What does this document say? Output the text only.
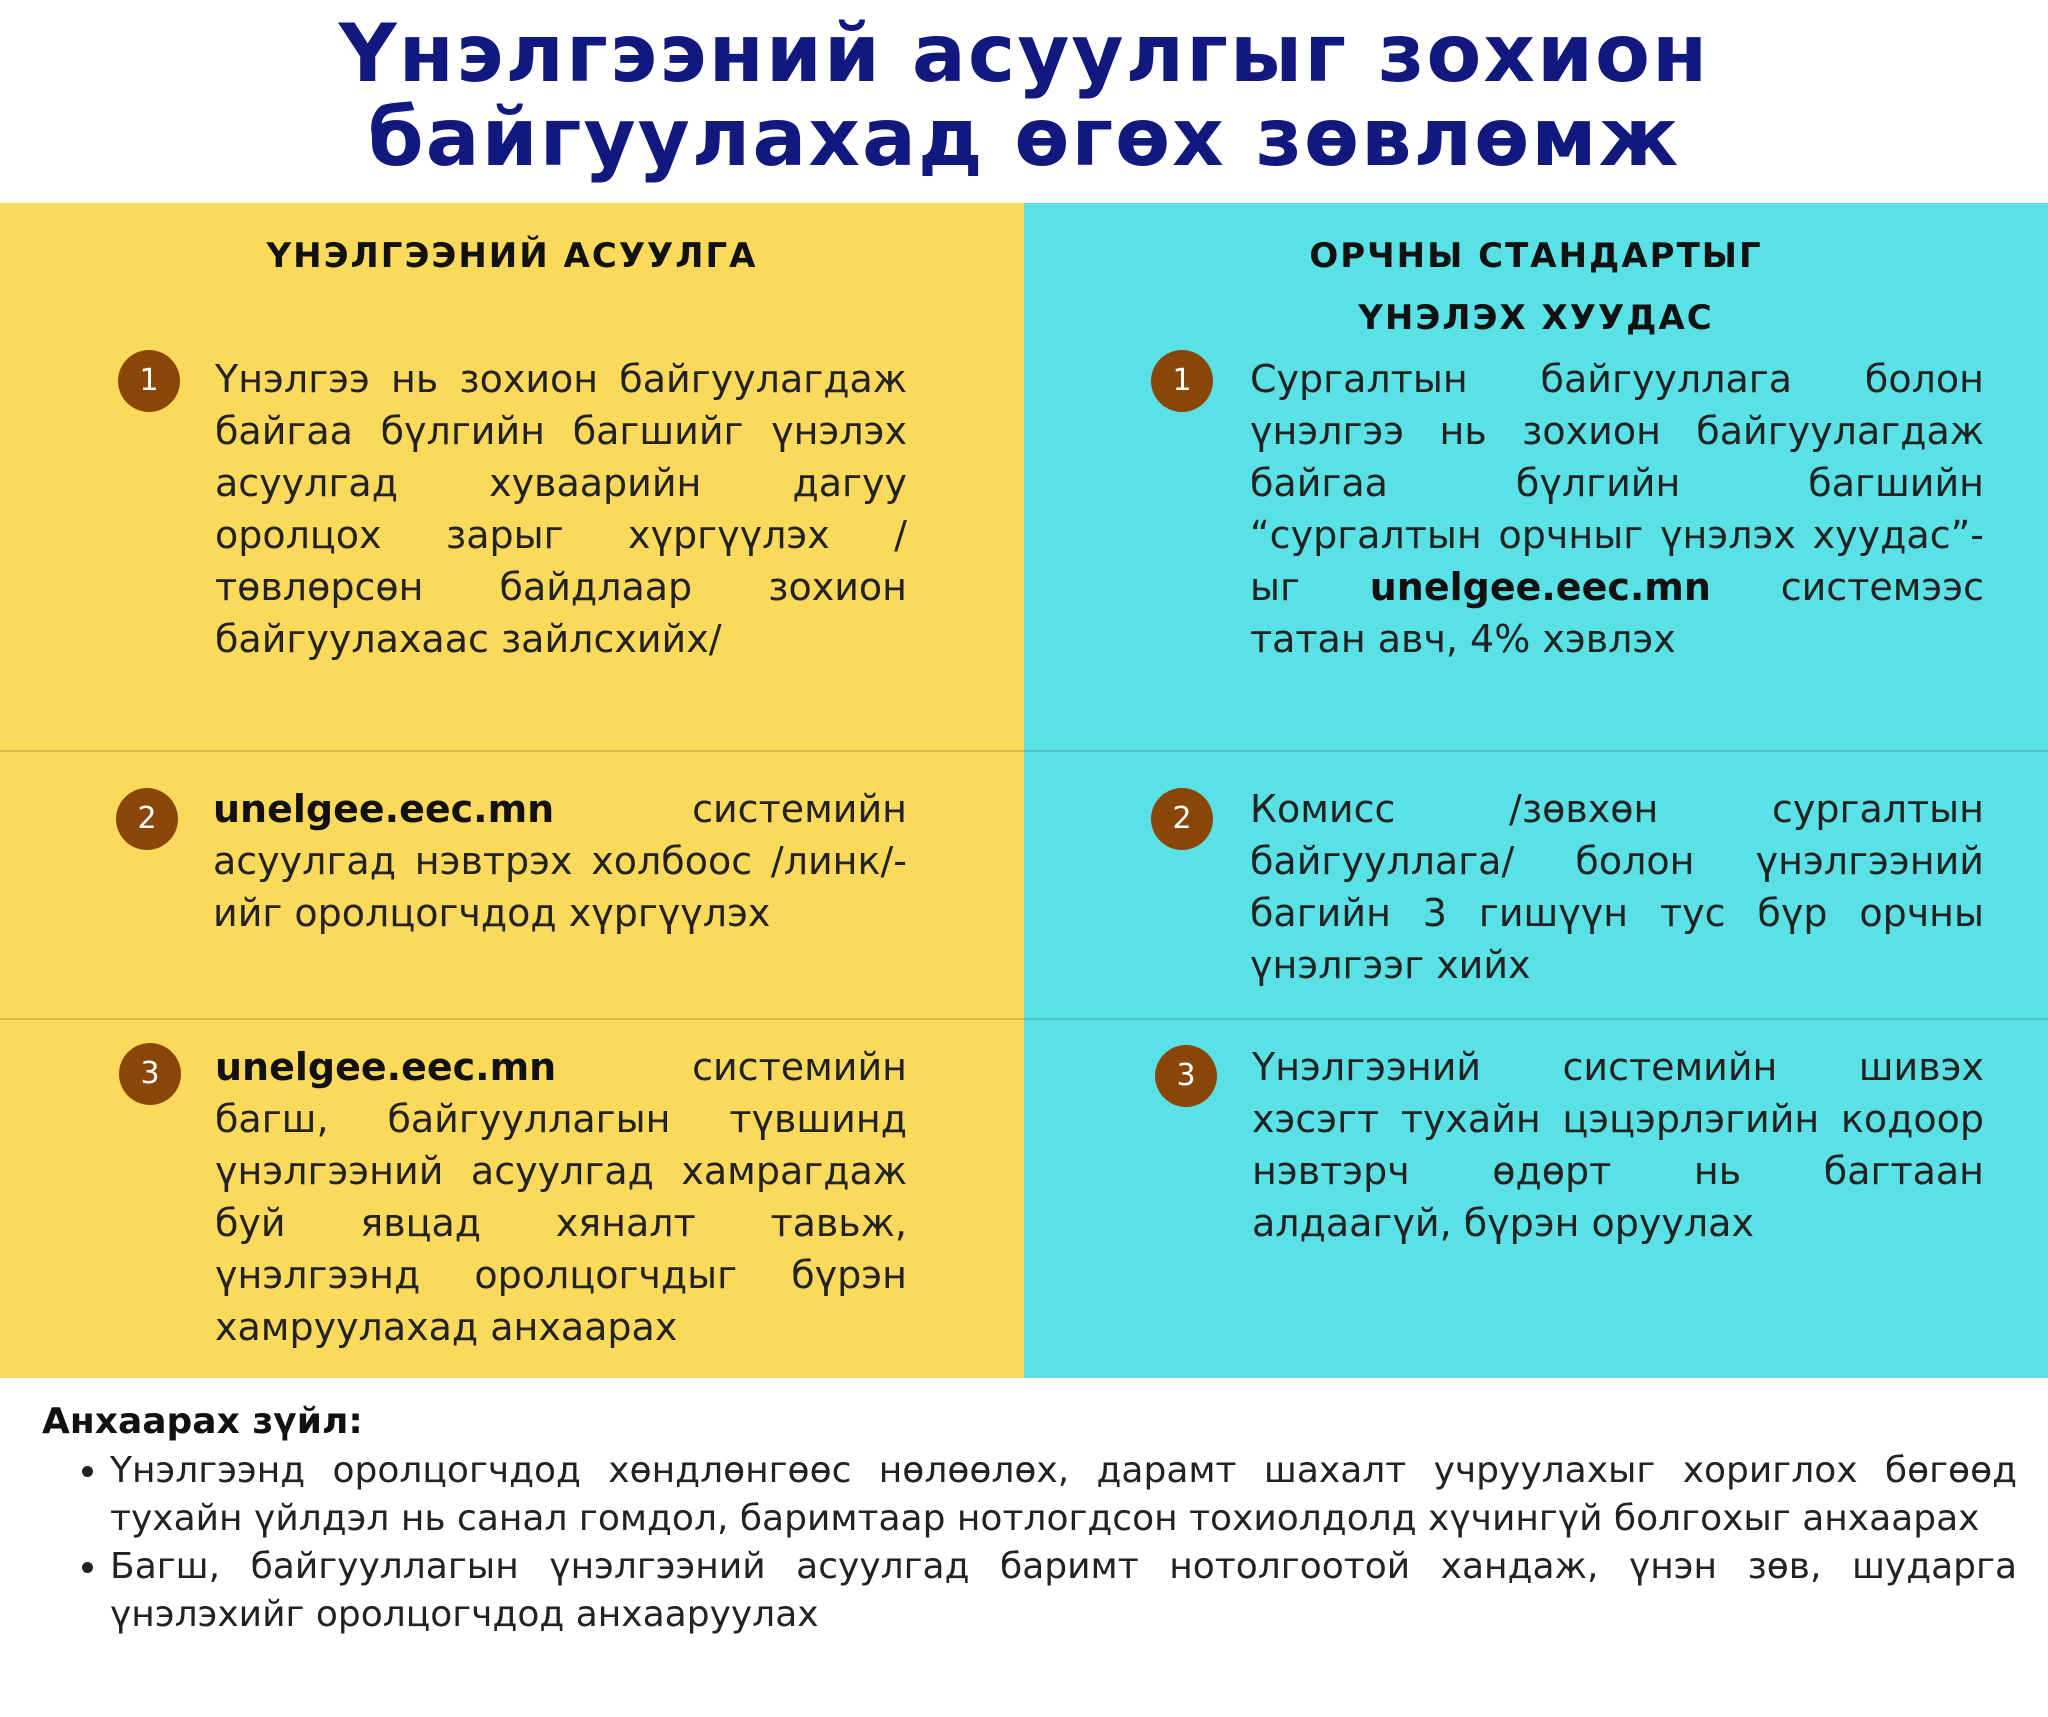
Үнэлгээний асуулгыг зохион
байгуулахад өгөх зөвлөмж
ҮНЭЛГЭЭНИЙ АСУУЛГА
1	Үнэлгээ нь зохион байгуулагдаж байгаа бүлгийн багшийг үнэлэх асуулгад хуваарийн дагуу оролцох зарыг хүргүүлэх /төвлөрсөн байдлаар зохион байгуулахаас зайлсхийх/
2	unelgee.eec.mn системийн асуулгад нэвтрэх холбоос /линк/-ийг оролцогчдод хүргүүлэх
3	unelgee.eec.mn системийн багш, байгууллагын түвшинд үнэлгээний асуулгад хамрагдаж буй явцад хяналт тавьж, үнэлгээнд оролцогчдыг бүрэн хамруулахад анхаарах
ОРЧНЫ СТАНДАРТЫГ
ҮНЭЛЭХ ХУУДАС
1	Сургалтын байгууллага болон үнэлгээ нь зохион байгуулагдаж байгаа бүлгийн багшийн “сургалтын орчныг үнэлэх хуудас”-ыг unelgee.eec.mn системээс татан авч, 4% хэвлэх
2	Комисс /зөвхөн сургалтын байгууллага/ болон үнэлгээний багийн 3 гишүүн тус бүр орчны үнэлгээг хийх
3	Үнэлгээний системийн шивэх хэсэгт тухайн цэцэрлэгийн кодоор нэвтэрч өдөрт нь багтаан алдаагүй, бүрэн оруулах
Анхаарах зүйл:
• Үнэлгээнд оролцогчдод хөндлөнгөөс нөлөөлөх, дарамт шахалт учруулахыг хориглох бөгөөд тухайн үйлдэл нь санал гомдол, баримтаар нотлогдсон тохиолдолд хүчингүй болгохыг анхаарах
• Багш, байгууллагын үнэлгээний асуулгад баримт нотолгоотой хандаж, үнэн зөв, шударга үнэлэхийг оролцогчдод анхааруулах
